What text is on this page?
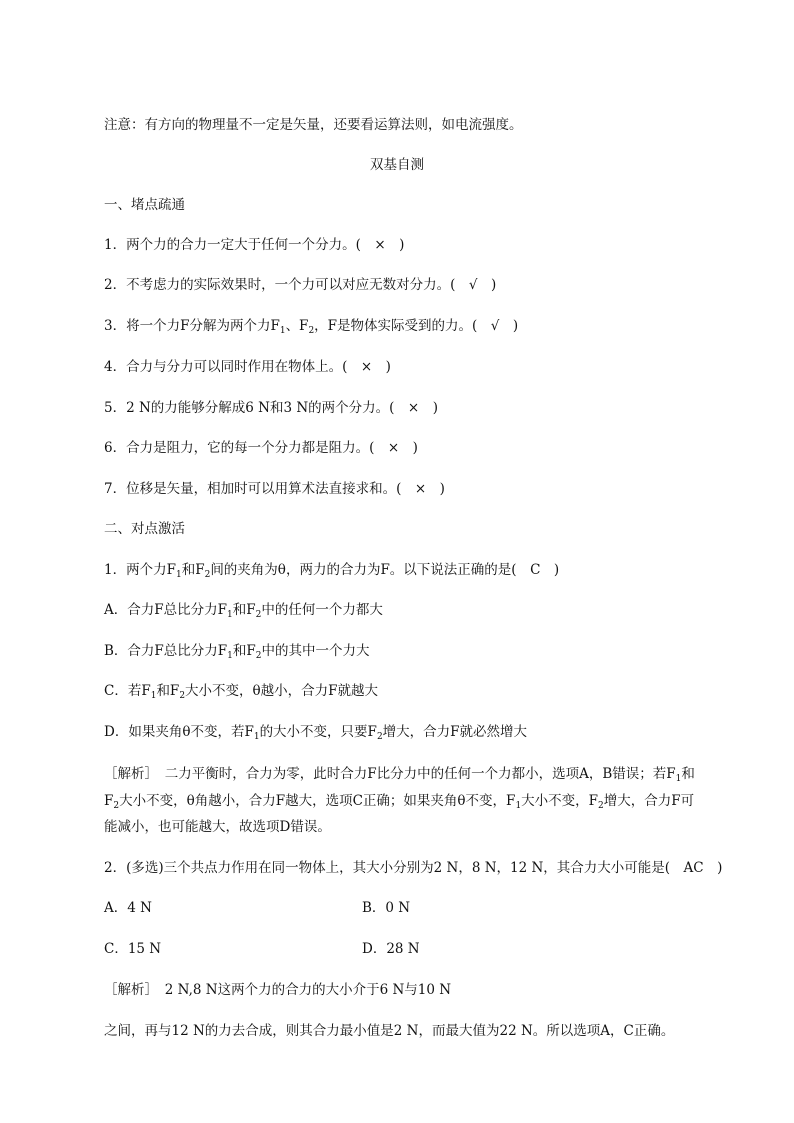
注意：有方向的物理量不一定是矢量，还要看运算法则，如电流强度。
双基自测
一、堵点疏通
1．两个力的合力一定大于任何一个分力。(　×　)
2．不考虑力的实际效果时，一个力可以对应无数对分力。(　√　)
3．将一个力F分解为两个力$F_1$、$F_2$，F是物体实际受到的力。(　√　)
4．合力与分力可以同时作用在物体上。(　×　)
5．2 N的力能够分解成6 N和3 N的两个分力。(　×　)
6．合力是阻力，它的每一个分力都是阻力。(　×　)
7．位移是矢量，相加时可以用算术法直接求和。(　×　)
二、对点激活
1．两个力$F_1$和$F_2$间的夹角为θ，两力的合力为F。以下说法正确的是(　C　)
A．合力F总比分力$F_1$和$F_2$中的任何一个力都大
B．合力F总比分力$F_1$和$F_2$中的其中一个力大
C．若$F_1$和$F_2$大小不变，θ越小，合力F就越大
D．如果夹角θ不变，若$F_1$的大小不变，只要$F_2$增大，合力F就必然增大
［解析］　二力平衡时，合力为零，此时合力F比分力中的任何一个力都小，选项A，B错误；若$F_1$和
$F_2$大小不变，θ角越小，合力F越大，选项C正确；如果夹角θ不变，$F_1$大小不变，$F_2$增大，合力F可
能减小，也可能越大，故选项D错误。
2．(多选)三个共点力作用在同一物体上，其大小分别为2 N，8 N，12 N，其合力大小可能是(　AC　)
A．4 N	B．0 N
C．15 N	D．28 N
［解析］　2 N,8 N这两个力的合力的大小介于6 N与10 N
之间，再与12 N的力去合成，则其合力最小值是2 N，而最大值为22 N。所以选项A，C正确。
